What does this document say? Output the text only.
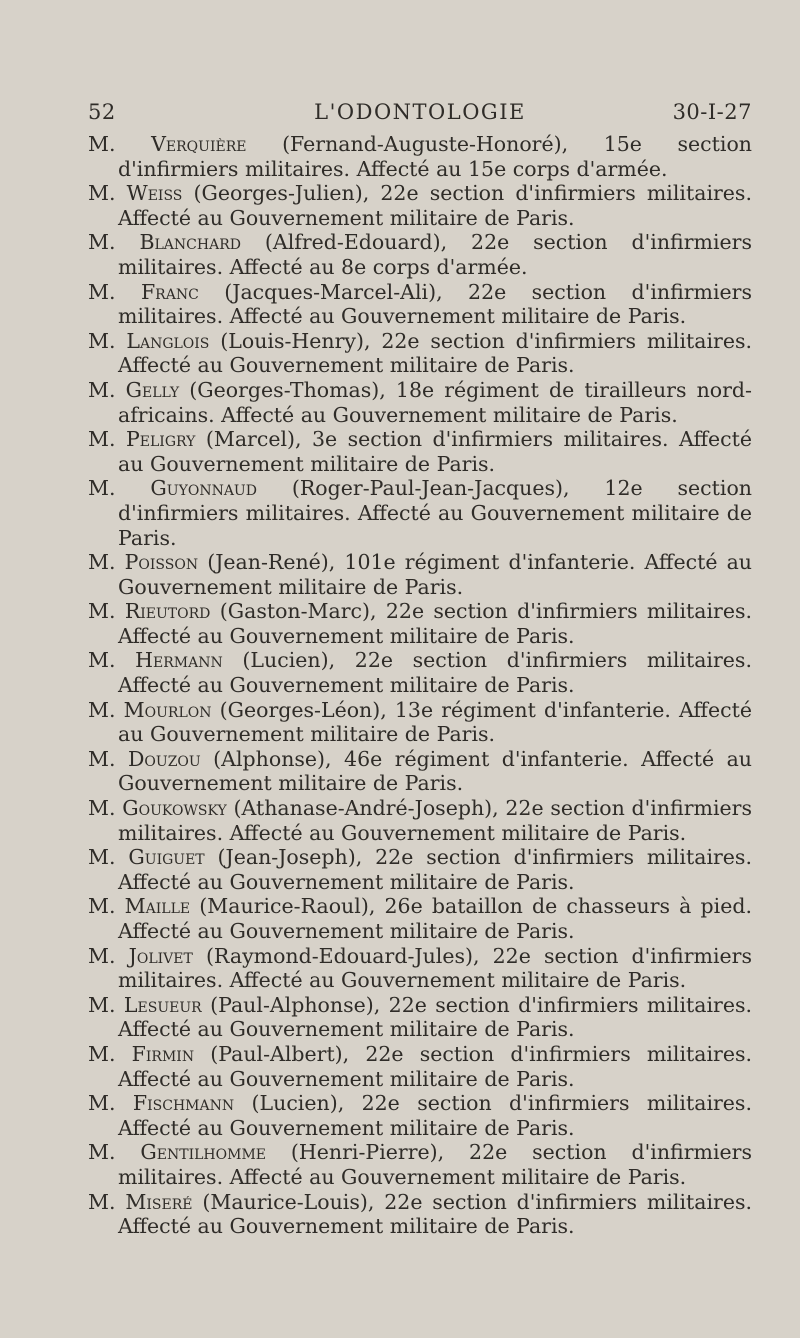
52	L'ODONTOLOGIE	30-I-27

M. Verquière (Fernand-Auguste-Honoré), 15e section d'infirmiers militaires. Affecté au 15e corps d'armée.

M. Weiss (Georges-Julien), 22e section d'infirmiers militaires. Affecté au Gouvernement militaire de Paris.

M. Blanchard (Alfred-Edouard), 22e section d'infirmiers militaires. Affecté au 8e corps d'armée.

M. Franc (Jacques-Marcel-Ali), 22e section d'infirmiers militaires. Affecté au Gouvernement militaire de Paris.

M. Langlois (Louis-Henry), 22e section d'infirmiers militaires. Affecté au Gouvernement militaire de Paris.

M. Gelly (Georges-Thomas), 18e régiment de tirailleurs nord-africains. Affecté au Gouvernement militaire de Paris.

M. Peligry (Marcel), 3e section d'infirmiers militaires. Affecté au Gouvernement militaire de Paris.

M. Guyonnaud (Roger-Paul-Jean-Jacques), 12e section d'infirmiers militaires. Affecté au Gouvernement militaire de Paris.

M. Poisson (Jean-René), 101e régiment d'infanterie. Affecté au Gouvernement militaire de Paris.

M. Rieutord (Gaston-Marc), 22e section d'infirmiers militaires. Affecté au Gouvernement militaire de Paris.

M. Hermann (Lucien), 22e section d'infirmiers militaires. Affecté au Gouvernement militaire de Paris.

M. Mourlon (Georges-Léon), 13e régiment d'infanterie. Affecté au Gouvernement militaire de Paris.

M. Douzou (Alphonse), 46e régiment d'infanterie. Affecté au Gouvernement militaire de Paris.

M. Goukowsky (Athanase-André-Joseph), 22e section d'infirmiers militaires. Affecté au Gouvernement militaire de Paris.

M. Guiguet (Jean-Joseph), 22e section d'infirmiers militaires. Affecté au Gouvernement militaire de Paris.

M. Maille (Maurice-Raoul), 26e bataillon de chasseurs à pied. Affecté au Gouvernement militaire de Paris.

M. Jolivet (Raymond-Edouard-Jules), 22e section d'infirmiers militaires. Affecté au Gouvernement militaire de Paris.

M. Lesueur (Paul-Alphonse), 22e section d'infirmiers militaires. Affecté au Gouvernement militaire de Paris.

M. Firmin (Paul-Albert), 22e section d'infirmiers militaires. Affecté au Gouvernement militaire de Paris.

M. Fischmann (Lucien), 22e section d'infirmiers militaires. Affecté au Gouvernement militaire de Paris.

M. Gentilhomme (Henri-Pierre), 22e section d'infirmiers militaires. Affecté au Gouvernement militaire de Paris.

M. Miseré (Maurice-Louis), 22e section d'infirmiers militaires. Affecté au Gouvernement militaire de Paris.
